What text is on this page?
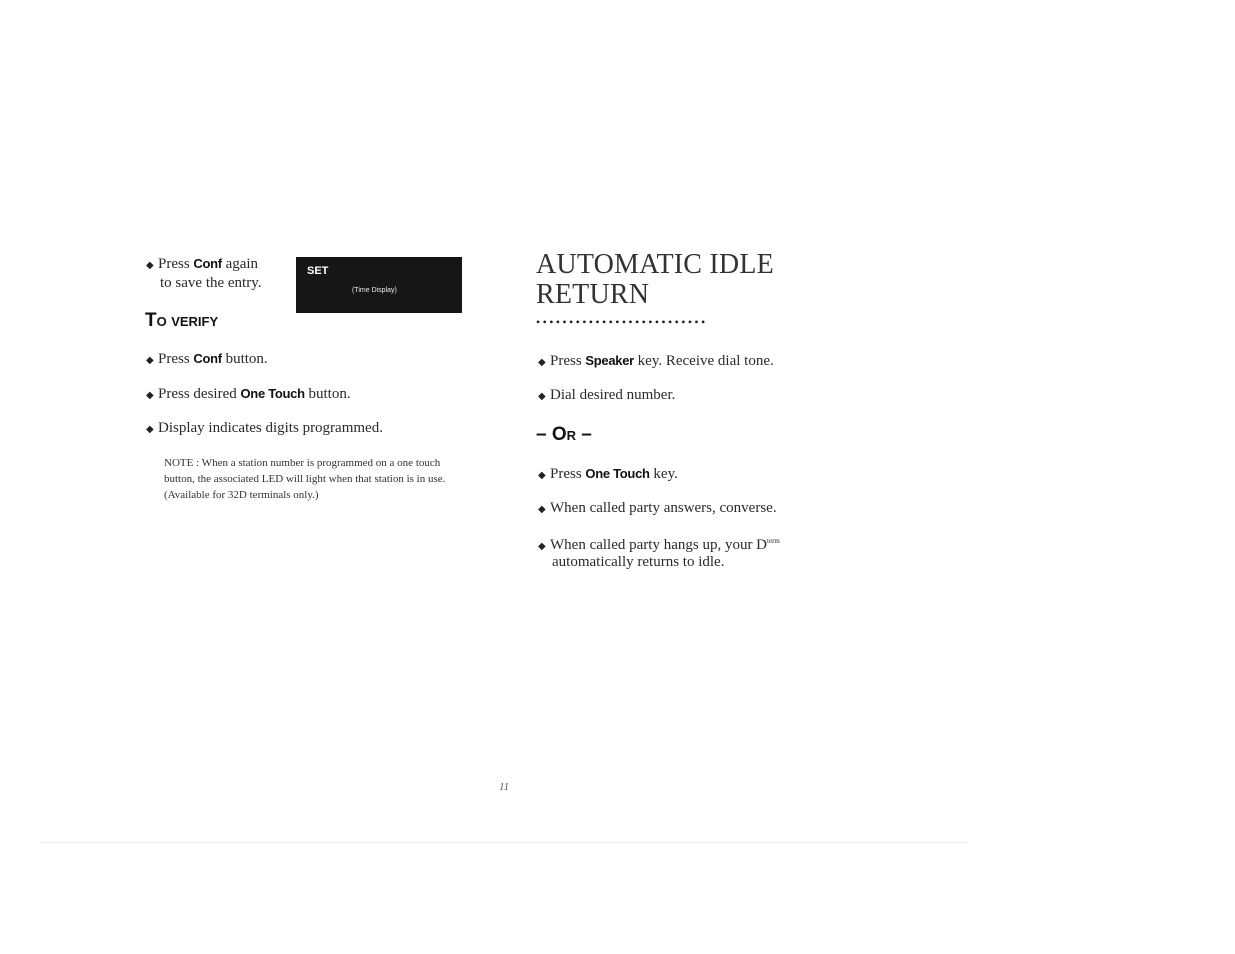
◆ Press Conf again
to save the entry.
SET
(Time Display)
TO VERIFY
◆ Press Conf button.
◆ Press desired One Touch button.
◆ Display indicates digits programmed.
NOTE : When a station number is programmed on a one touch button, the associated LED will light when that station is in use. (Available for 32D terminals only.)
AUTOMATIC IDLE
RETURN
••••••••••••••••••••••••••
◆ Press Speaker key. Receive dial tone.
◆ Dial desired number.
– OR –
◆ Press One Touch key.
◆ When called party answers, converse.
◆ When called party hangs up, your $D^{term}$
automatically returns to idle.
11
